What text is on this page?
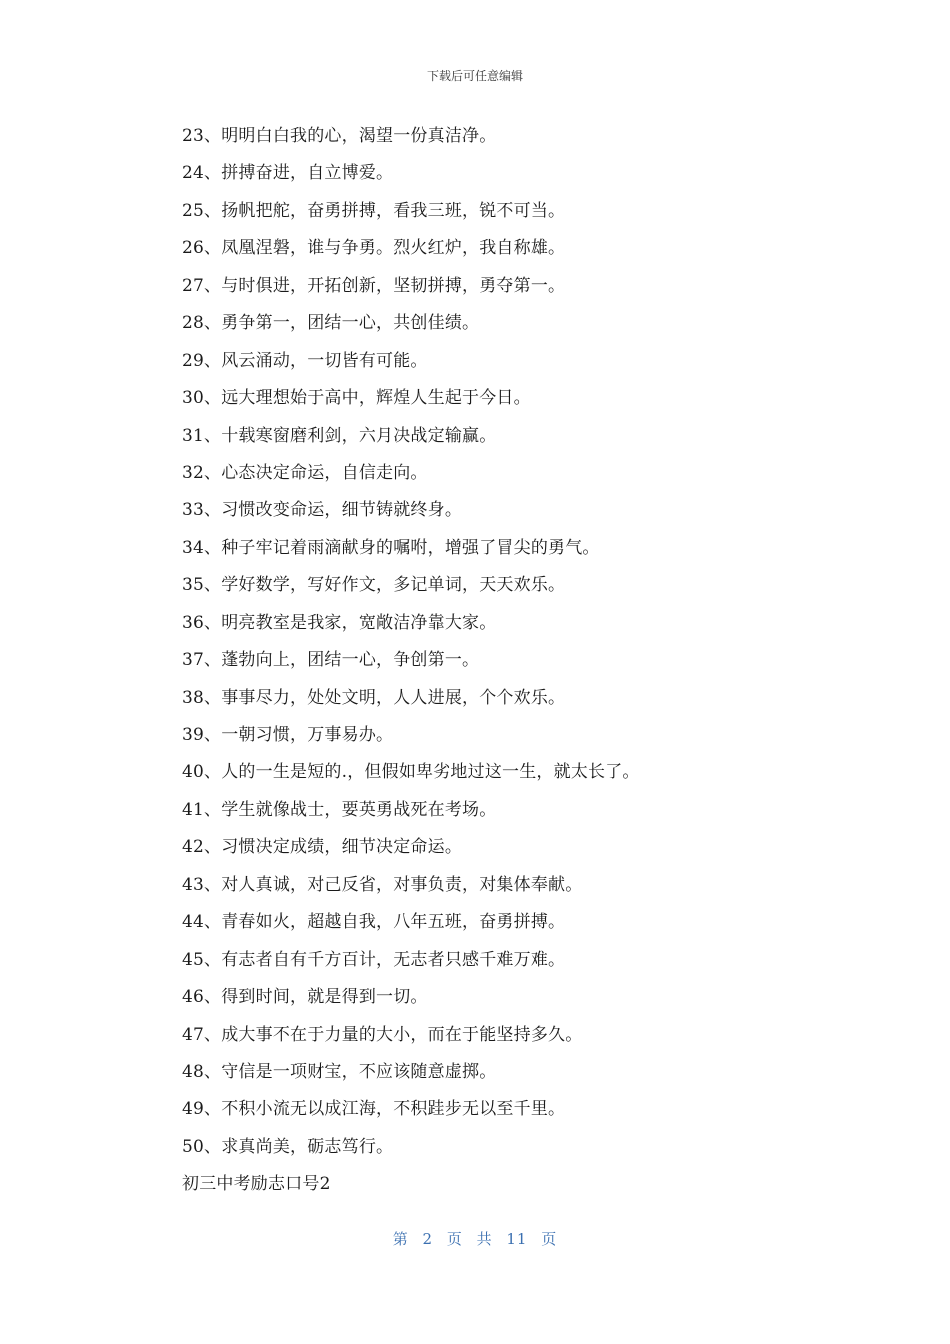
下载后可任意编辑
23、明明白白我的心，渴望一份真洁净。
24、拼搏奋进，自立博爱。
25、扬帆把舵，奋勇拼搏，看我三班，锐不可当。
26、凤凰涅磐，谁与争勇。烈火红炉，我自称雄。
27、与时俱进，开拓创新，坚韧拼搏，勇夺第一。
28、勇争第一，团结一心，共创佳绩。
29、风云涌动，一切皆有可能。
30、远大理想始于高中，辉煌人生起于今日。
31、十载寒窗磨利剑，六月决战定输赢。
32、心态决定命运，自信走向。
33、习惯改变命运，细节铸就终身。
34、种子牢记着雨滴献身的嘱咐，增强了冒尖的勇气。
35、学好数学，写好作文，多记单词，天天欢乐。
36、明亮教室是我家，宽敞洁净靠大家。
37、蓬勃向上，团结一心，争创第一。
38、事事尽力，处处文明，人人进展，个个欢乐。
39、一朝习惯，万事易办。
40、人的一生是短的.，但假如卑劣地过这一生，就太长了。
41、学生就像战士，要英勇战死在考场。
42、习惯决定成绩，细节决定命运。
43、对人真诚，对己反省，对事负责，对集体奉献。
44、青春如火，超越自我，八年五班，奋勇拼搏。
45、有志者自有千方百计，无志者只感千难万难。
46、得到时间，就是得到一切。
47、成大事不在于力量的大小，而在于能坚持多久。
48、守信是一项财宝，不应该随意虚掷。
49、不积小流无以成江海，不积跬步无以至千里。
50、求真尚美，砺志笃行。
初三中考励志口号2
第 2 页 共 11 页
